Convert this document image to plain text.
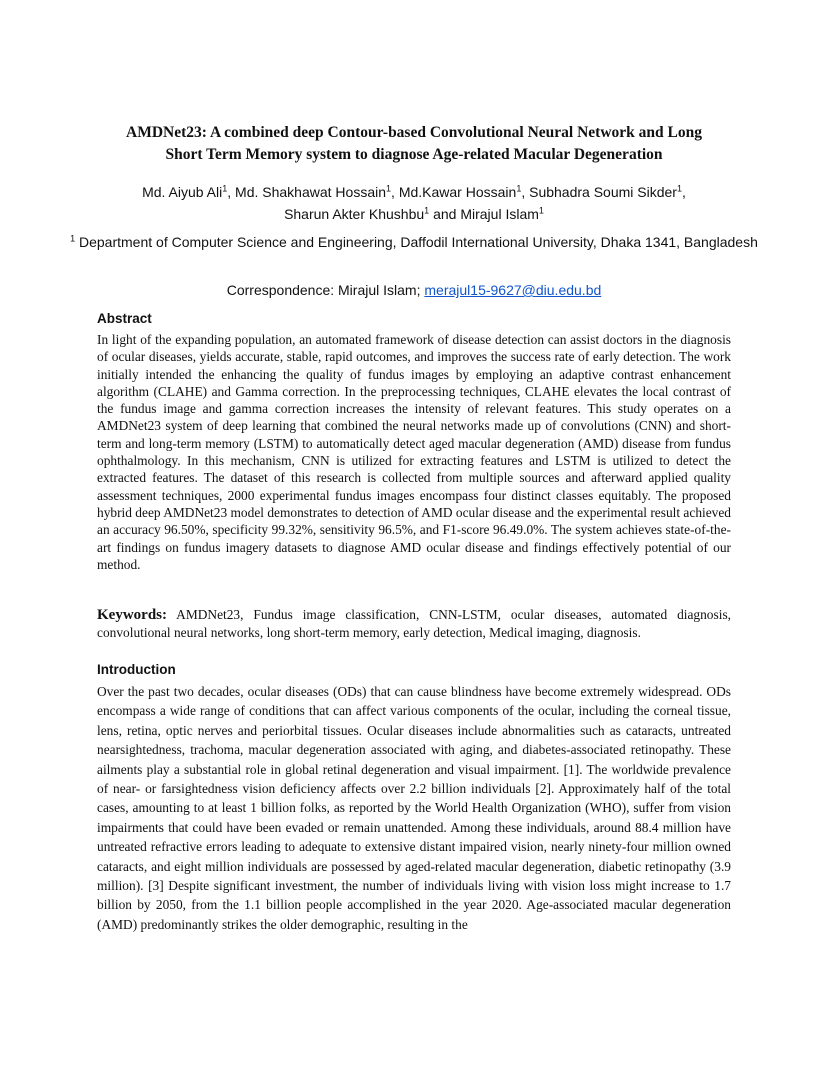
AMDNet23: A combined deep Contour-based Convolutional Neural Network and Long
Short Term Memory system to diagnose Age-related Macular Degeneration
Md. Aiyub Ali$^1$, Md. Shakhawat Hossain$^1$, Md.Kawar Hossain$^1$, Subhadra Soumi Sikder$^1$,
Sharun Akter Khushbu$^1$ and Mirajul Islam$^1$
$^1$ Department of Computer Science and Engineering, Daffodil International University, Dhaka 1341, Bangladesh
Correspondence: Mirajul Islam; merajul15-9627@diu.edu.bd
Abstract
In light of the expanding population, an automated framework of disease detection can assist doctors in the diagnosis of ocular diseases, yields accurate, stable, rapid outcomes, and improves the success rate of early detection. The work initially intended the enhancing the quality of fundus images by employing an adaptive contrast enhancement algorithm (CLAHE) and Gamma correction. In the preprocessing techniques, CLAHE elevates the local contrast of the fundus image and gamma correction increases the intensity of relevant features. This study operates on a AMDNet23 system of deep learning that combined the neural networks made up of convolutions (CNN) and short-term and long-term memory (LSTM) to automatically detect aged macular degeneration (AMD) disease from fundus ophthalmology. In this mechanism, CNN is utilized for extracting features and LSTM is utilized to detect the extracted features. The dataset of this research is collected from multiple sources and afterward applied quality assessment techniques, 2000 experimental fundus images encompass four distinct classes equitably. The proposed hybrid deep AMDNet23 model demonstrates to detection of AMD ocular disease and the experimental result achieved an accuracy 96.50%, specificity 99.32%, sensitivity 96.5%, and F1-score 96.49.0%. The system achieves state-of-the-art findings on fundus imagery datasets to diagnose AMD ocular disease and findings effectively potential of our method.
Keywords: AMDNet23, Fundus image classification, CNN-LSTM, ocular diseases, automated diagnosis, convolutional neural networks, long short-term memory, early detection, Medical imaging, diagnosis.
Introduction
Over the past two decades, ocular diseases (ODs) that can cause blindness have become extremely widespread. ODs encompass a wide range of conditions that can affect various components of the ocular, including the corneal tissue, lens, retina, optic nerves and periorbital tissues. Ocular diseases include abnormalities such as cataracts, untreated nearsightedness, trachoma, macular degeneration associated with aging, and diabetes-associated retinopathy. These ailments play a substantial role in global retinal degeneration and visual impairment. [1]. The worldwide prevalence of near- or farsightedness vision deficiency affects over 2.2 billion individuals [2]. Approximately half of the total cases, amounting to at least 1 billion folks, as reported by the World Health Organization (WHO), suffer from vision impairments that could have been evaded or remain unattended. Among these individuals, around 88.4 million have untreated refractive errors leading to adequate to extensive distant impaired vision, nearly ninety-four million owned cataracts, and eight million individuals are possessed by aged-related macular degeneration, diabetic retinopathy (3.9 million). [3] Despite significant investment, the number of individuals living with vision loss might increase to 1.7 billion by 2050, from the 1.1 billion people accomplished in the year 2020. Age-associated macular degeneration (AMD) predominantly strikes the older demographic, resulting in the
